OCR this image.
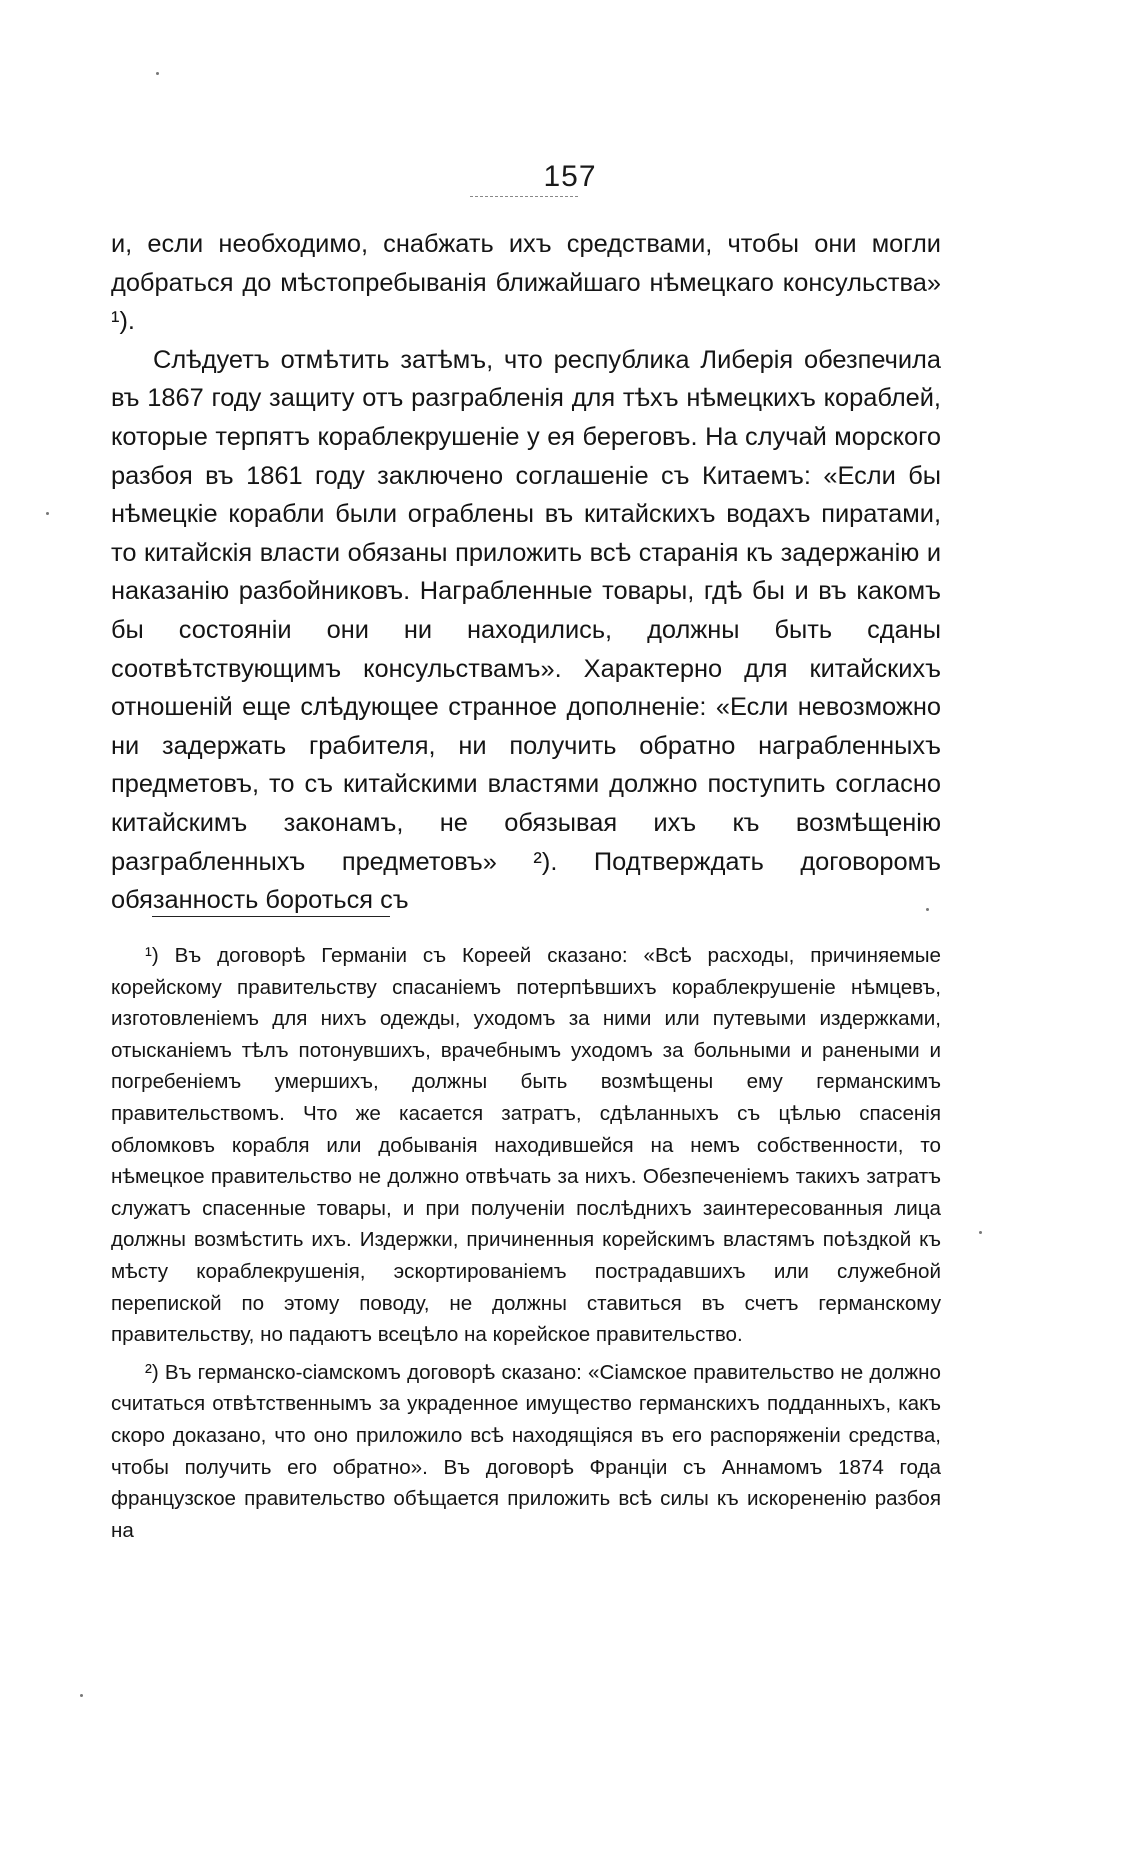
157

и, если необходимо, снабжать ихъ средствами, чтобы они могли добраться до мѣстопребыванія ближайшаго нѣмецкаго консульства» ¹).

Слѣдуетъ отмѣтить затѣмъ, что республика Либерія обезпечила въ 1867 году защиту отъ разграбленія для тѣхъ нѣмецкихъ кораблей, которые терпятъ кораблекрушеніе у ея береговъ. На случай морского разбоя въ 1861 году заключено соглашеніе съ Китаемъ: «Если бы нѣмецкіе корабли были ограблены въ китайскихъ водахъ пиратами, то китайскія власти обязаны приложить всѣ старанія къ задержанію и наказанію разбойниковъ. Награбленные товары, гдѣ бы и въ какомъ бы состояніи они ни находились, должны быть сданы соотвѣтствующимъ консульствамъ». Характерно для китайскихъ отношеній еще слѣдующее странное дополненіе: «Если невозможно ни задержать грабителя, ни получить обратно награбленныхъ предметовъ, то съ китайскими властями должно поступить согласно китайскимъ законамъ, не обязывая ихъ къ возмѣщенію разграбленныхъ предметовъ» ²). Подтверждать договоромъ обязанность бороться съ

¹) Въ договорѣ Германіи съ Кореей сказано: «Всѣ расходы, причиняемые корейскому правительству спасаніемъ потерпѣвшихъ кораблекрушеніе нѣмцевъ, изготовленіемъ для нихъ одежды, уходомъ за ними или путевыми издержками, отысканіемъ тѣлъ потонувшихъ, врачебнымъ уходомъ за больными и ранеными и погребеніемъ умершихъ, должны быть возмѣщены ему германскимъ правительствомъ. Что же касается затратъ, сдѣланныхъ съ цѣлью спасенія обломковъ корабля или добыванія находившейся на немъ собственности, то нѣмецкое правительство не должно отвѣчать за нихъ. Обезпеченіемъ такихъ затратъ служатъ спасенные товары, и при полученіи послѣднихъ заинтересованныя лица должны возмѣстить ихъ. Издержки, причиненныя корейскимъ властямъ поѣздкой къ мѣсту кораблекрушенія, эскортированіемъ пострадавшихъ или служебной перепиской по этому поводу, не должны ставиться въ счетъ германскому правительству, но падаютъ всецѣло на корейское правительство.

²) Въ германско-сіамскомъ договорѣ сказано: «Сіамское правительство не должно считаться отвѣтственнымъ за украденное имущество германскихъ подданныхъ, какъ скоро доказано, что оно приложило всѣ находящіяся въ его распоряженіи средства, чтобы получить его обратно». Въ договорѣ Франціи съ Аннамомъ 1874 года французское правительство обѣщается приложить всѣ силы къ искорененію разбоя на
